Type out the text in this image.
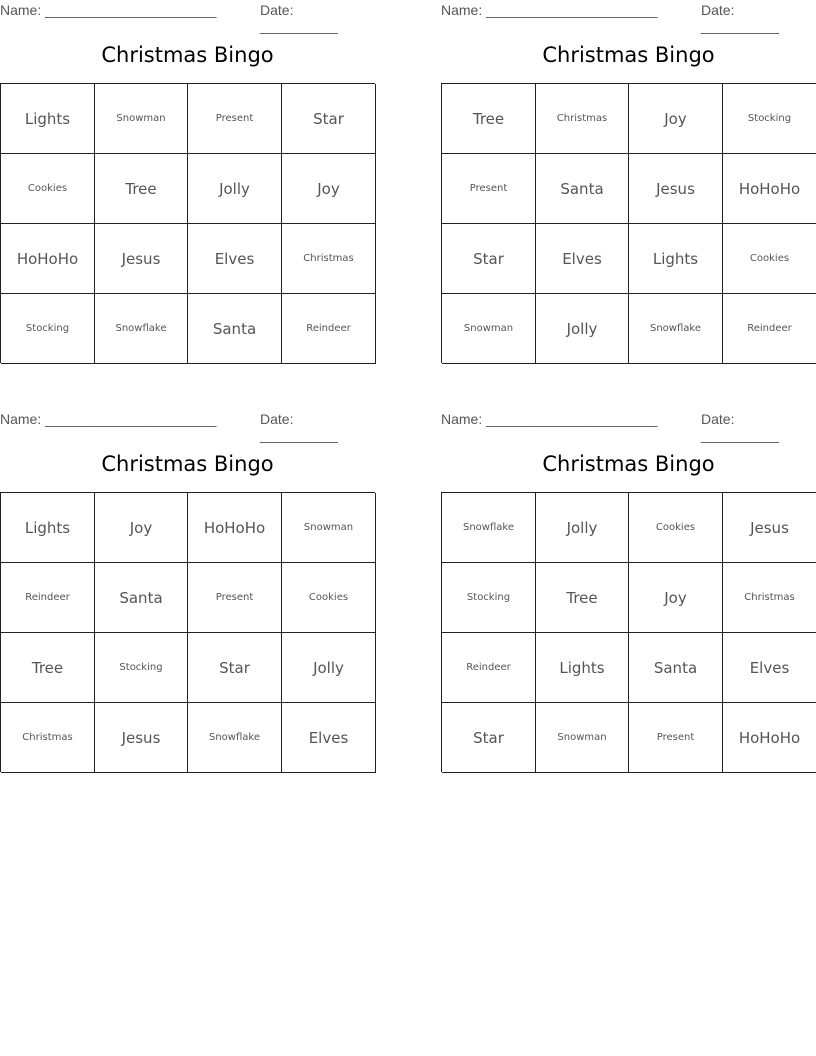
Name: ______________________	Date: __________
Christmas Bingo
Lights	Snowman	Present	Star
Cookies	Tree	Jolly	Joy
HoHoHo	Jesus	Elves	Christmas
Stocking	Snowflake	Santa	Reindeer
Name: ______________________	Date: __________
Christmas Bingo
Tree	Christmas	Joy	Stocking
Present	Santa	Jesus	HoHoHo
Star	Elves	Lights	Cookies
Snowman	Jolly	Snowflake	Reindeer
Name: ______________________	Date: __________
Christmas Bingo
Lights	Joy	HoHoHo	Snowman
Reindeer	Santa	Present	Cookies
Tree	Stocking	Star	Jolly
Christmas	Jesus	Snowflake	Elves
Name: ______________________	Date: __________
Christmas Bingo
Snowflake	Jolly	Cookies	Jesus
Stocking	Tree	Joy	Christmas
Reindeer	Lights	Santa	Elves
Star	Snowman	Present	HoHoHo
